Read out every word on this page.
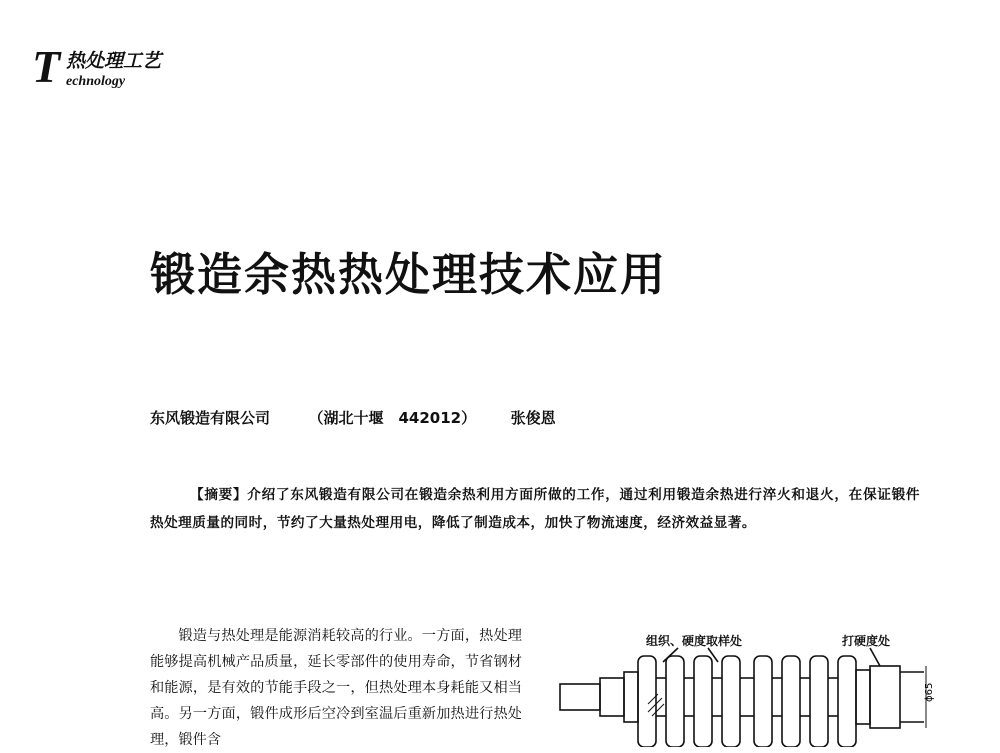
T 热处理工艺
echnology
锻造余热热处理技术应用
东风锻造有限公司	（湖北十堰　442012） 张俊恩
【摘要】介绍了东风锻造有限公司在锻造余热利用方面所做的工作，通过利用锻造余热进行淬火和退火，在保证锻件热处理质量的同时，节约了大量热处理用电，降低了制造成本，加快了物流速度，经济效益显著。

锻造与热处理是能源消耗较高的行业。一方面，热处理能够提高机械产品质量，延长零部件的使用寿命，节省钢材和能源，是有效的节能手段之一，但热处理本身耗能又相当高。另一方面，锻件成形后空冷到室温后重新加热进行热处理，锻件含

ϕ65
组织、硬度取样处	打硬度处
